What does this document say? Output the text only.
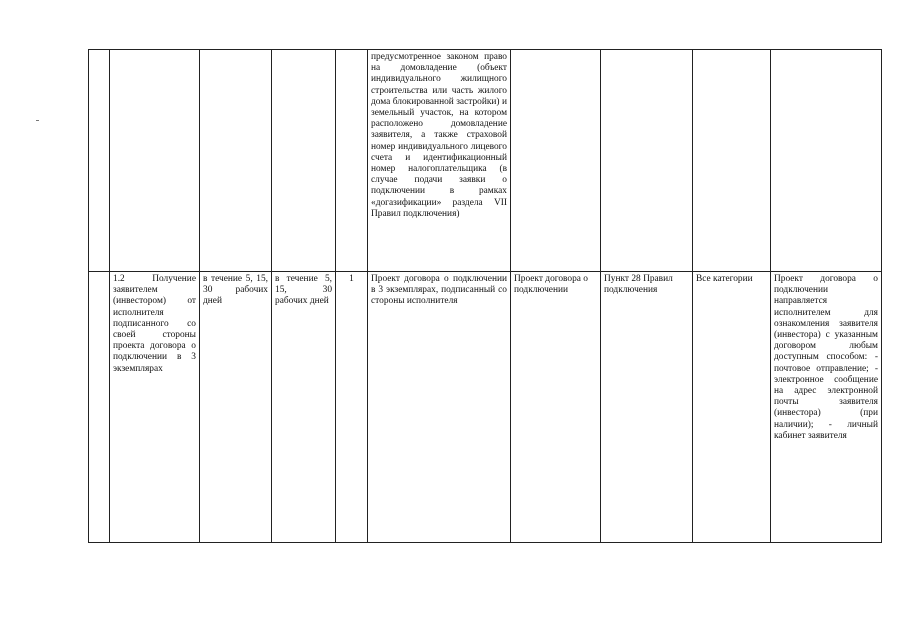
					предусмотренное законом право на домовладение (объект индивидуального жилищного строительства или часть жилого дома блокированной застройки) и земельный участок, на котором расположено домовладение заявителя, а также страховой номер индивидуального лицевого счета и идентификационный номер налогоплательщика (в случае подачи заявки о подключении в рамках «догазификации» раздела VII Правил подключения)				
	1.2 Получение заявителем (инвестором) от исполнителя подписанного со своей стороны проекта договора о подключении в 3 экземплярах	в течение 5, 15, 30 рабочих дней	в течение 5, 15, 30 рабочих дней	1	Проект договора о подключении в 3 экземплярах, подписанный со стороны исполнителя	Проект договора о подключении	Пункт 28 Правил подключения	Все категории	Проект договора о подключении направляется исполнителем для ознакомления заявителя (инвестора) с указанным договором любым доступным способом: - почтовое отправление; - электронное сообщение на адрес электронной почты заявителя (инвестора) (при наличии); - личный кабинет заявителя
